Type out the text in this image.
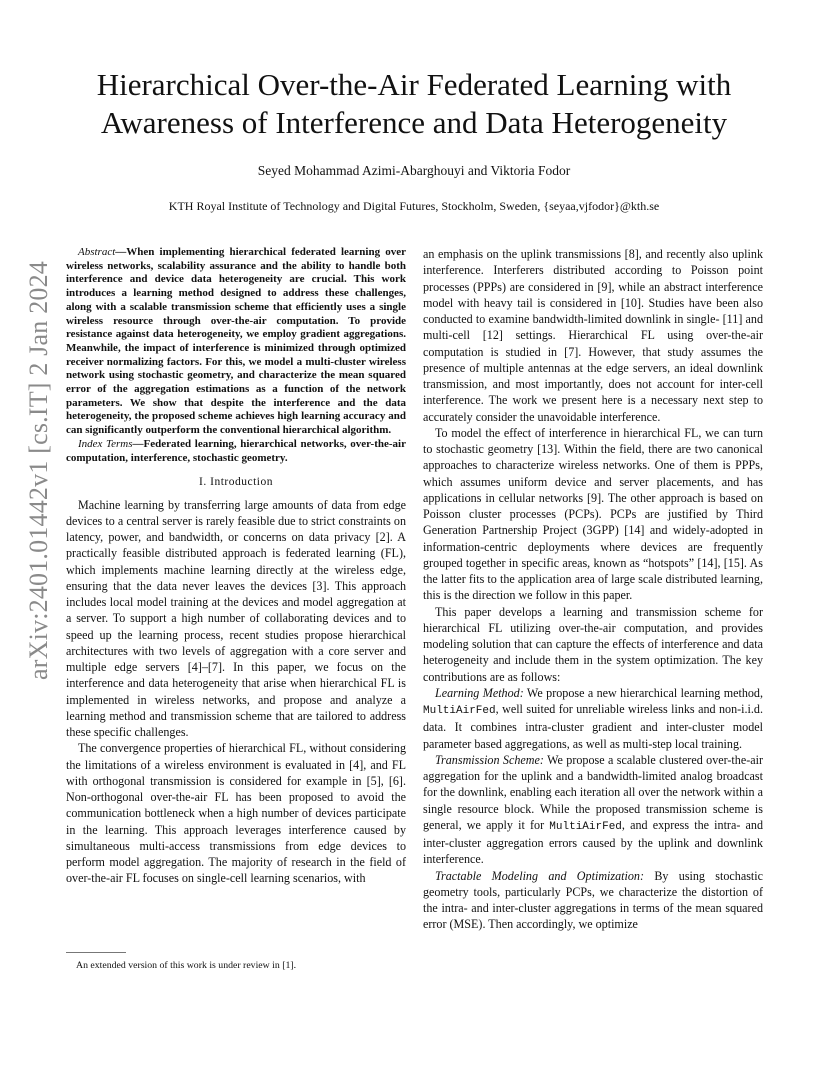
arXiv:2401.01442v1 [cs.IT] 2 Jan 2024
Hierarchical Over-the-Air Federated Learning with
Awareness of Interference and Data Heterogeneity
Seyed Mohammad Azimi-Abarghouyi and Viktoria Fodor
KTH Royal Institute of Technology and Digital Futures, Stockholm, Sweden, {seyaa,vjfodor}@kth.se

Abstract—When implementing hierarchical federated learning over wireless networks, scalability assurance and the ability to handle both interference and device data heterogeneity are crucial. This work introduces a learning method designed to address these challenges, along with a scalable transmission scheme that efficiently uses a single wireless resource through over-the-air computation. To provide resistance against data heterogeneity, we employ gradient aggregations. Meanwhile, the impact of interference is minimized through optimized receiver normalizing factors. For this, we model a multi-cluster wireless network using stochastic geometry, and characterize the mean squared error of the aggregation estimations as a function of the network parameters. We show that despite the interference and the data heterogeneity, the proposed scheme achieves high learning accuracy and can significantly outperform the conventional hierarchical algorithm.

Index Terms—Federated learning, hierarchical networks, over-the-air computation, interference, stochastic geometry.

I. Introduction

Machine learning by transferring large amounts of data from edge devices to a central server is rarely feasible due to strict constraints on latency, power, and bandwidth, or concerns on data privacy [2]. A practically feasible distributed approach is federated learning (FL), which implements machine learning directly at the wireless edge, ensuring that the data never leaves the devices [3]. This approach includes local model training at the devices and model aggregation at a server. To support a high number of collaborating devices and to speed up the learning process, recent studies propose hierarchical architectures with two levels of aggregation with a core server and multiple edge servers [4]–[7]. In this paper, we focus on the interference and data heterogeneity that arise when hierarchical FL is implemented in wireless networks, and propose and analyze a learning method and transmission scheme that are tailored to address these specific challenges.

The convergence properties of hierarchical FL, without considering the limitations of a wireless environment is evaluated in [4], and FL with orthogonal transmission is considered for example in [5], [6]. Non-orthogonal over-the-air FL has been proposed to avoid the communication bottleneck when a high number of devices participate in the learning. This approach leverages interference caused by simultaneous multi-access transmissions from edge devices to perform model aggregation. The majority of research in the field of over-the-air FL focuses on single-cell learning scenarios, with

An extended version of this work is under review in [1].

an emphasis on the uplink transmissions [8], and recently also uplink interference. Interferers distributed according to Poisson point processes (PPPs) are considered in [9], while an abstract interference model with heavy tail is considered in [10]. Studies have been also conducted to examine bandwidth-limited downlink in single- [11] and multi-cell [12] settings. Hierarchical FL using over-the-air computation is studied in [7]. However, that study assumes the presence of multiple antennas at the edge servers, an ideal downlink transmission, and most importantly, does not account for inter-cell interference. The work we present here is a necessary next step to accurately consider the unavoidable interference.

To model the effect of interference in hierarchical FL, we can turn to stochastic geometry [13]. Within the field, there are two canonical approaches to characterize wireless networks. One of them is PPPs, which assumes uniform device and server placements, and has applications in cellular networks [9]. The other approach is based on Poisson cluster processes (PCPs). PCPs are justified by Third Generation Partnership Project (3GPP) [14] and widely-adopted in information-centric deployments where devices are frequently grouped together in specific areas, known as “hotspots” [14], [15]. As the latter fits to the application area of large scale distributed learning, this is the direction we follow in this paper.

This paper develops a learning and transmission scheme for hierarchical FL utilizing over-the-air computation, and provides modeling solution that can capture the effects of interference and data heterogeneity and include them in the system optimization. The key contributions are as follows:

Learning Method: We propose a new hierarchical learning method, MultiAirFed, well suited for unreliable wireless links and non-i.i.d. data. It combines intra-cluster gradient and inter-cluster model parameter based aggregations, as well as multi-step local training.

Transmission Scheme: We propose a scalable clustered over-the-air aggregation for the uplink and a bandwidth-limited analog broadcast for the downlink, enabling each iteration all over the network within a single resource block. While the proposed transmission scheme is general, we apply it for MultiAirFed, and express the intra- and inter-cluster aggregation errors caused by the uplink and downlink interference.

Tractable Modeling and Optimization: By using stochastic geometry tools, particularly PCPs, we characterize the distortion of the intra- and inter-cluster aggregations in terms of the mean squared error (MSE). Then accordingly, we optimize
